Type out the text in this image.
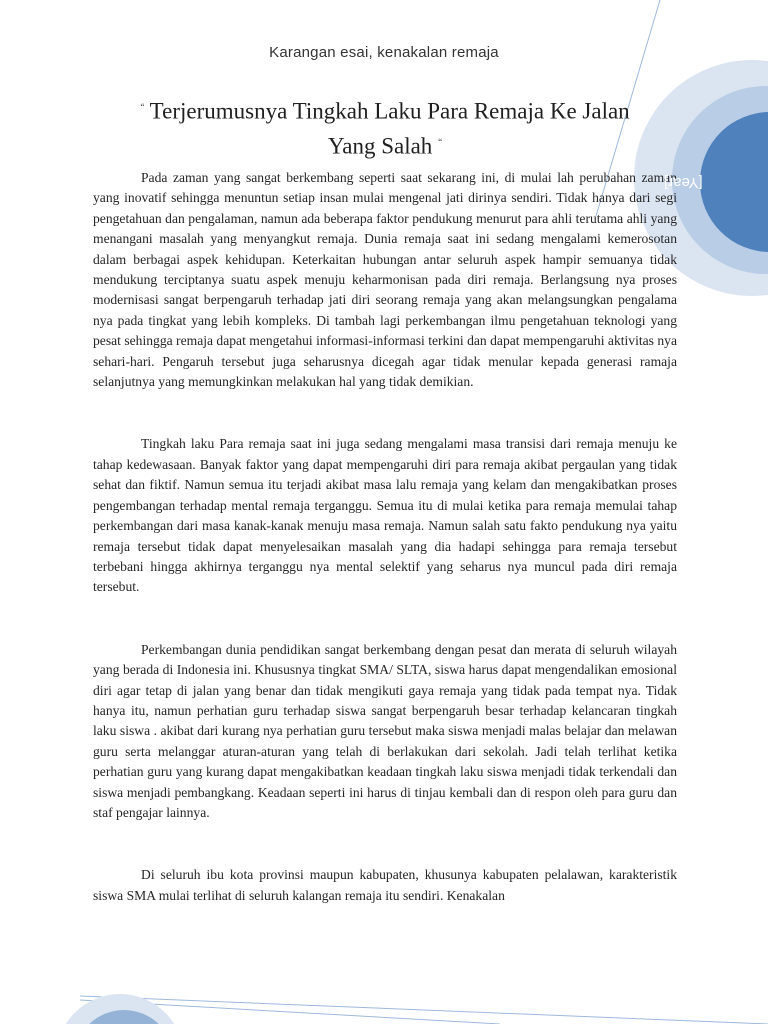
Karangan esai, kenakalan remaja
“ Terjerumusnya Tingkah Laku Para Remaja Ke Jalan
Yang Salah “
[Year]

Pada zaman yang sangat berkembang seperti saat sekarang ini, di mulai lah perubahan zaman yang inovatif sehingga menuntun setiap insan mulai mengenal jati dirinya sendiri. Tidak hanya dari segi pengetahuan dan pengalaman, namun ada beberapa faktor pendukung menurut para ahli terutama ahli yang menangani masalah yang menyangkut remaja. Dunia remaja saat ini sedang mengalami kemerosotan dalam berbagai aspek kehidupan. Keterkaitan hubungan antar seluruh aspek hampir semuanya tidak mendukung terciptanya suatu aspek menuju keharmonisan pada diri remaja. Berlangsung nya proses modernisasi sangat berpengaruh terhadap jati diri seorang remaja yang akan melangsungkan pengalama nya pada tingkat yang lebih kompleks. Di tambah lagi perkembangan ilmu pengetahuan teknologi yang pesat sehingga remaja dapat mengetahui informasi-informasi terkini dan dapat mempengaruhi aktivitas nya sehari-hari. Pengaruh tersebut juga seharusnya dicegah agar tidak menular kepada generasi ramaja selanjutnya yang memungkinkan melakukan hal yang tidak demikian.

Tingkah laku Para remaja saat ini juga sedang mengalami masa transisi dari remaja menuju ke tahap kedewasaan. Banyak faktor yang dapat mempengaruhi diri para remaja akibat pergaulan yang tidak sehat dan fiktif. Namun semua itu terjadi akibat masa lalu remaja yang kelam dan mengakibatkan proses pengembangan terhadap mental remaja terganggu. Semua itu di mulai ketika para remaja memulai tahap perkembangan dari masa kanak-kanak menuju masa remaja. Namun salah satu fakto pendukung nya yaitu remaja tersebut tidak dapat menyelesaikan masalah yang dia hadapi sehingga para remaja tersebut terbebani hingga akhirnya terganggu nya mental selektif yang seharus nya muncul pada diri remaja tersebut.

Perkembangan dunia pendidikan sangat berkembang dengan pesat dan merata di seluruh wilayah yang berada di Indonesia ini. Khususnya tingkat SMA/ SLTA, siswa harus dapat mengendalikan emosional diri agar tetap di jalan yang benar dan tidak mengikuti gaya remaja yang tidak pada tempat nya. Tidak hanya itu, namun perhatian guru terhadap siswa sangat berpengaruh besar terhadap kelancaran tingkah laku siswa . akibat dari kurang nya perhatian guru tersebut maka siswa menjadi malas belajar dan melawan guru serta melanggar aturan-aturan yang telah di berlakukan dari sekolah. Jadi telah terlihat ketika perhatian guru yang kurang dapat mengakibatkan keadaan tingkah laku siswa menjadi tidak terkendali dan siswa menjadi pembangkang. Keadaan seperti ini harus di tinjau kembali dan di respon oleh para guru dan staf pengajar lainnya.

Di seluruh ibu kota provinsi maupun kabupaten, khusunya kabupaten pelalawan, karakteristik siswa SMA mulai terlihat di seluruh kalangan remaja itu sendiri. Kenakalan
